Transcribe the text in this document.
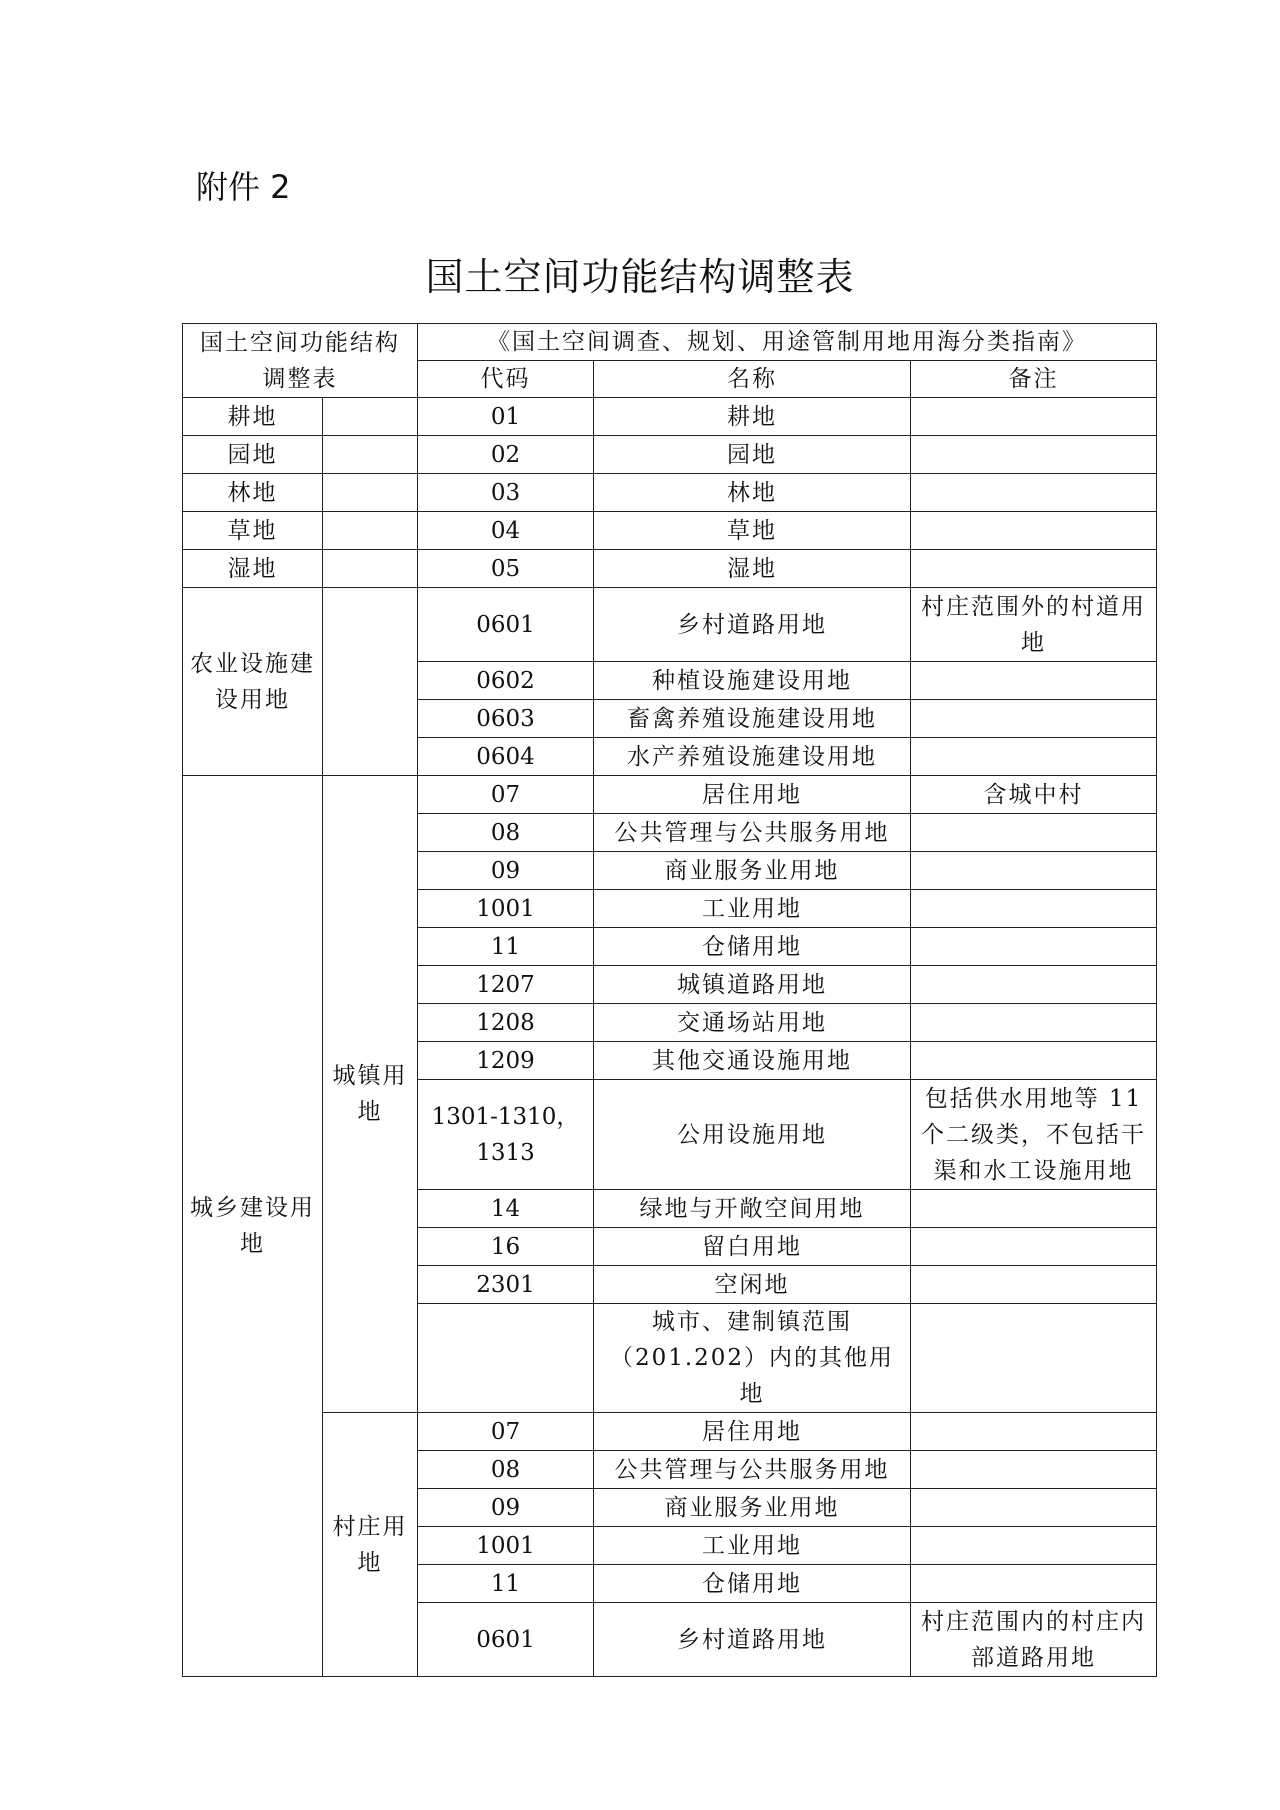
附件 2
国土空间功能结构调整表
国土空间功能结构调整表		《国土空间调查、规划、用途管制用地用海分类指南》		
		代码	名称	备注
耕地		01	耕地	
园地		02	园地	
林地		03	林地	
草地		04	草地	
湿地		05	湿地	
农业设施建设用地		0601	乡村道路用地	村庄范围外的村道用地
		0602	种植设施建设用地	
		0603	畜禽养殖设施建设用地	
		0604	水产养殖设施建设用地	
城乡建设用地	城镇用地	07	居住用地	含城中村
		08	公共管理与公共服务用地	
		09	商业服务业用地	
		1001	工业用地	
		11	仓储用地	
		1207	城镇道路用地	
		1208	交通场站用地	
		1209	其他交通设施用地	
		1301-1310，1313	公用设施用地	包括供水用地等 11 个二级类，不包括干渠和水工设施用地
		14	绿地与开敞空间用地	
		16	留白用地	
		2301	空闲地	
			城市、建制镇范围（201.202）内的其他用地	
	村庄用地	07	居住用地	
		08	公共管理与公共服务用地	
		09	商业服务业用地	
		1001	工业用地	
		11	仓储用地	
		0601	乡村道路用地	村庄范围内的村庄内部道路用地
